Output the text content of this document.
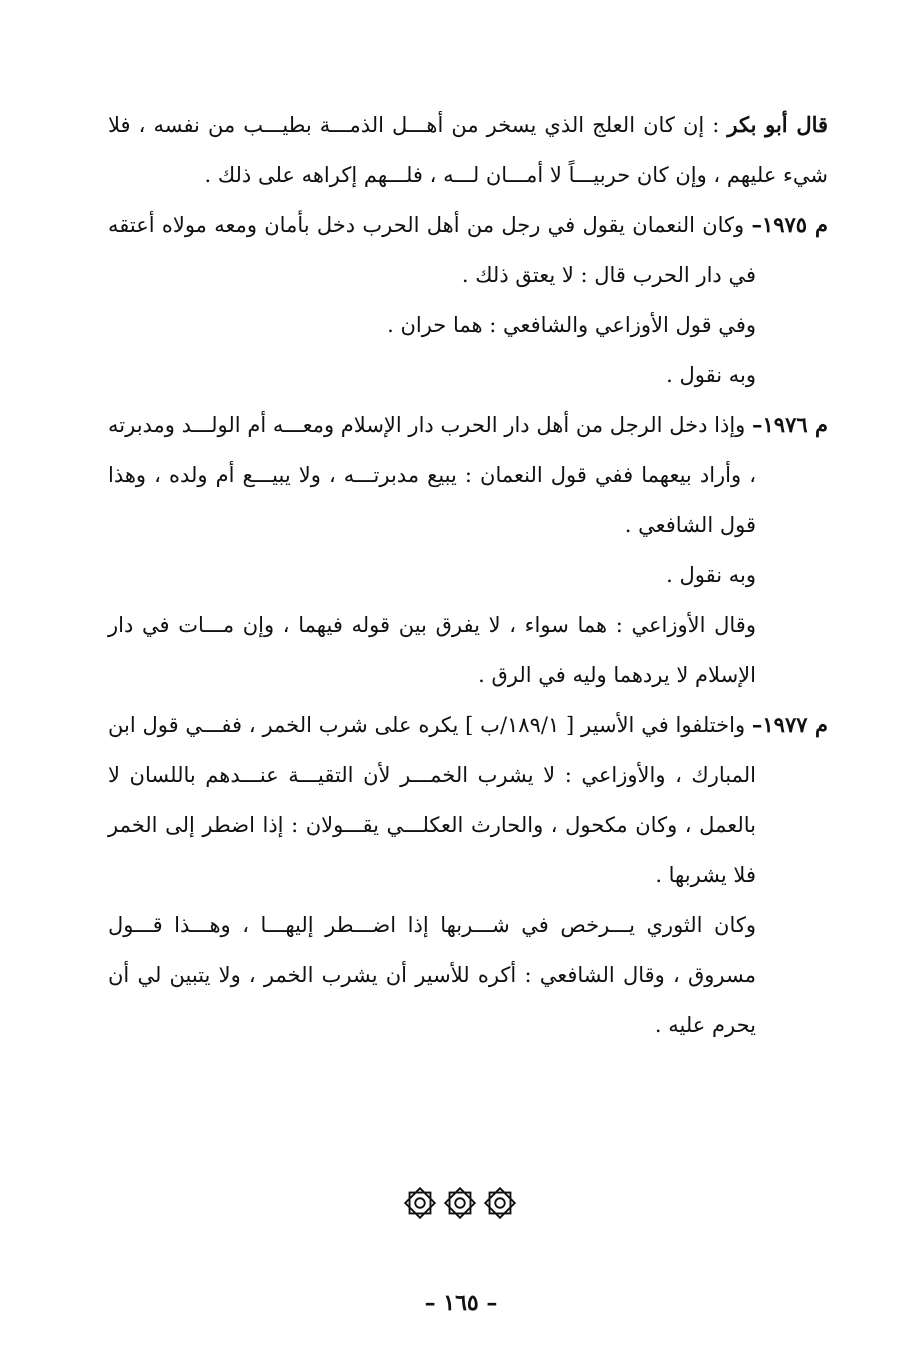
قال أبو بكر : إن كان العلج الذي يسخر من أهـــل الذمـــة بطيـــب من نفسه ، فلا شيء عليهم ، وإن كان حربيـــاً لا أمـــان لـــه ، فلـــهم إكراهه على ذلك .

م ١٩٧٥– وكان النعمان يقول في رجل من أهل الحرب دخل بأمان ومعه مولاه أعتقه في دار الحرب قال : لا يعتق ذلك .

وفي قول الأوزاعي والشافعي : هما حران .

وبه نقول .

م ١٩٧٦– وإذا دخل الرجل من أهل دار الحرب دار الإسلام ومعـــه أم الولـــد ومدبرته ، وأراد بيعهما ففي قول النعمان : يبيع مدبرتـــه ، ولا يبيـــع أم ولده ، وهذا قول الشافعي .

وبه نقول .

وقال الأوزاعي : هما سواء ، لا يفرق بين قوله فيهما ، وإن مـــات في دار الإسلام لا يردهما وليه في الرق .

م ١٩٧٧– واختلفوا في الأسير [ ١٨٩/١/ب ] يكره على شرب الخمر ، ففـــي قول ابن المبارك ، والأوزاعي : لا يشرب الخمـــر لأن التقيـــة عنـــدهم باللسان لا بالعمل ، وكان مكحول ، والحارث العكلـــي يقـــولان : إذا اضطر إلى الخمر فلا يشربها .

وكان الثوري يـــرخص في شـــربها إذا اضـــطر إليهـــا ، وهـــذا قـــول مسروق ، وقال الشافعي : أكره للأسير أن يشرب الخمر ، ولا يتبين لي أن يحرم عليه .

– ١٦٥ –
